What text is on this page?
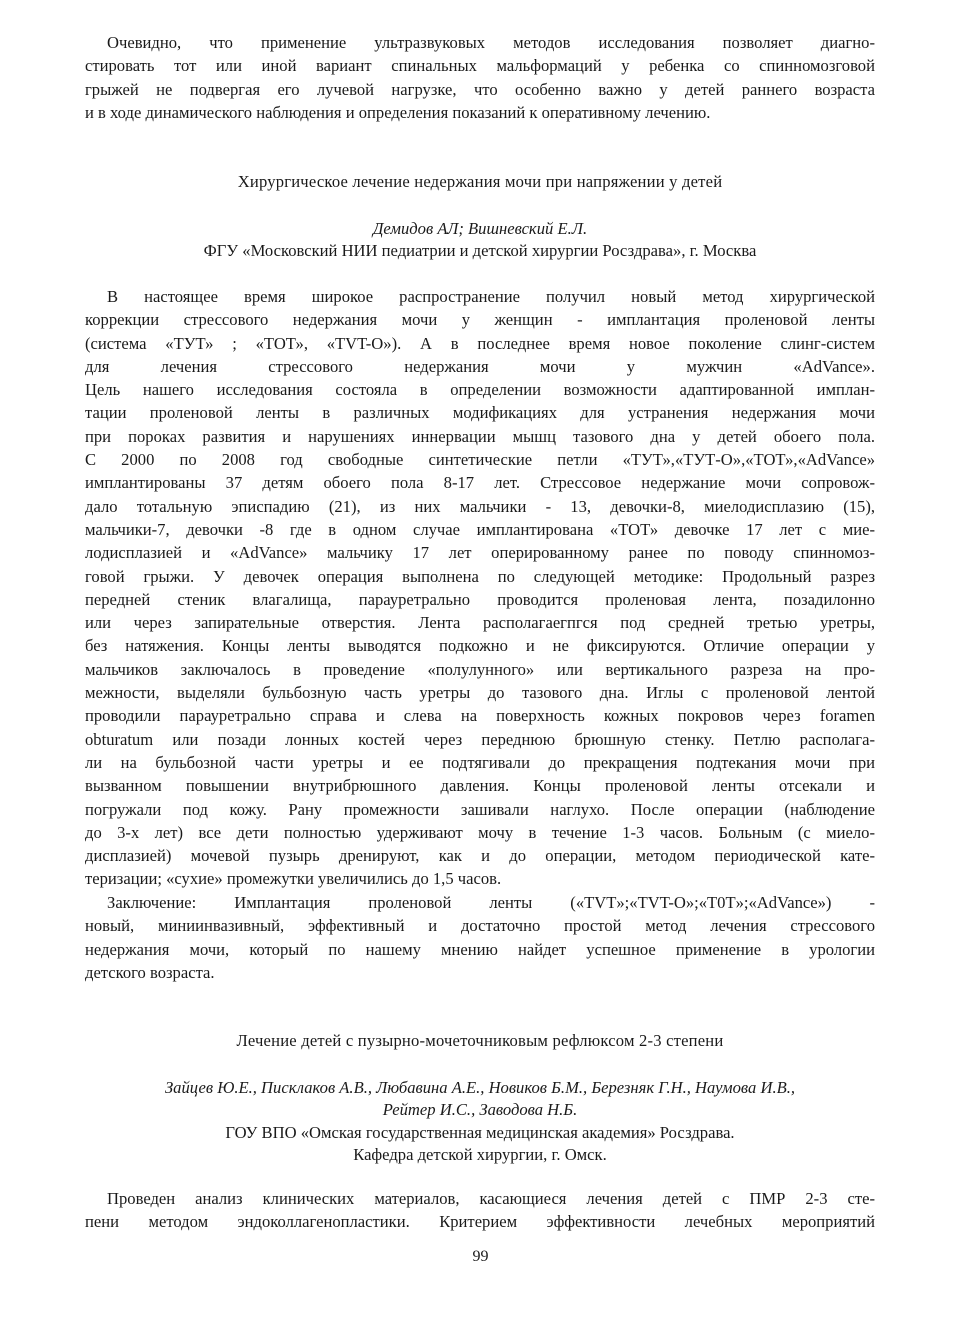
Очевидно, что применение ультразвуковых методов исследования позволяет диагно-
стировать тот или иной вариант спинальных мальформаций у ребенка со спинномозговой
грыжей не подвергая его лучевой нагрузке, что особенно важно у детей раннего возраста
и в ходе динамического наблюдения и определения показаний к оперативному лечению.

Хирургическое лечение недержания мочи при напряжении у детей

Демидов АЛ; Вишневский Е.Л.

ФГУ «Московский НИИ педиатрии и детской хирургии Росздрава», г. Москва

В настоящее время широкое распространение получил новый метод хирургической
коррекции стрессового недержания мочи у женщин - имплантация проленовой ленты
(система «ТУТ» ; «ТОТ», «TVT-O»). А в последнее время новое поколение слинг-систем
для лечения стрессового недержания мочи у мужчин «AdVance».
Цель нашего исследования состояла в определении возможности адаптированной имплан-
тации проленовой ленты в различных модификациях для устранения недержания мочи
при пороках развития и нарушениях иннервации мышц тазового дна у детей обоего пола.
С 2000 по 2008 год свободные синтетические петли «ТУТ»,«ТУТ-О»,«ТОТ»,«AdVance»
имплантированы 37 детям обоего пола 8-17 лет. Стрессовое недержание мочи сопровож-
дало тотальную эписпадию (21), из них мальчики - 13, девочки-8, миелодисплазию (15),
мальчики-7, девочки -8 где в одном случае имплантирована «ТОТ» девочке 17 лет с мие-
лодисплазией и «AdVance» мальчику 17 лет оперированному ранее по поводу спинномоз-
говой грыжи. У девочек операция выполнена по следующей методике: Продольный разрез
передней стеник влагалища, парауретрально проводится проленовая лента, позадилонно
или через запирательные отверстия. Лента располагаегпгся под средней третью уретры,
без натяжения. Концы ленты выводятся подкожно и не фиксируются. Отличие операции у
мальчиков заключалось в проведение «полулунного» или вертикального разреза на про-
межности, выделяли бульбозную часть уретры до тазового дна. Иглы с проленовой лентой
проводили парауретрально справа и слева на поверхность кожных покровов через foramen
obturatum или позади лонных костей через переднюю брюшную стенку. Петлю располага-
ли на бульбозной части уретры и ее подтягивали до прекращения подтекания мочи при
вызванном повышении внутрибрюшного давления. Концы проленовой ленты отсекали и
погружали под кожу. Рану промежности зашивали наглухо. После операции (наблюдение
до 3-х лет) все дети полностью удерживают мочу в течение 1-3 часов. Больным (с миело-
дисплазией) мочевой пузырь дренируют, как и до операции, методом периодической кате-
теризации; «сухие» промежутки увеличились до 1,5 часов.
Заключение: Имплантация проленовой ленты («TVT»;«TVT-O»;«T0T»;«AdVance») -
новый, миниинвазивный, эффективный и достаточно простой метод лечения стрессового
недержания мочи, который по нашему мнению найдет успешное применение в урологии
детского возраста.

Лечение детей с пузырно-мочеточниковым рефлюксом 2-3 степени

Зайцев Ю.Е., Писклаков А.В., Любавина А.Е., Новиков Б.М., Березняк Г.Н., Наумова И.В.,

Рейтер И.С., Заводова Н.Б.

ГОУ ВПО «Омская государственная медицинская академия» Росздрава.

Кафедра детской хирургии, г. Омск.

Проведен анализ клинических материалов, касающиеся лечения детей с ПМР 2-3 сте-
пени методом эндоколлагенопластики. Критерием эффективности лечебных мероприятий
99
